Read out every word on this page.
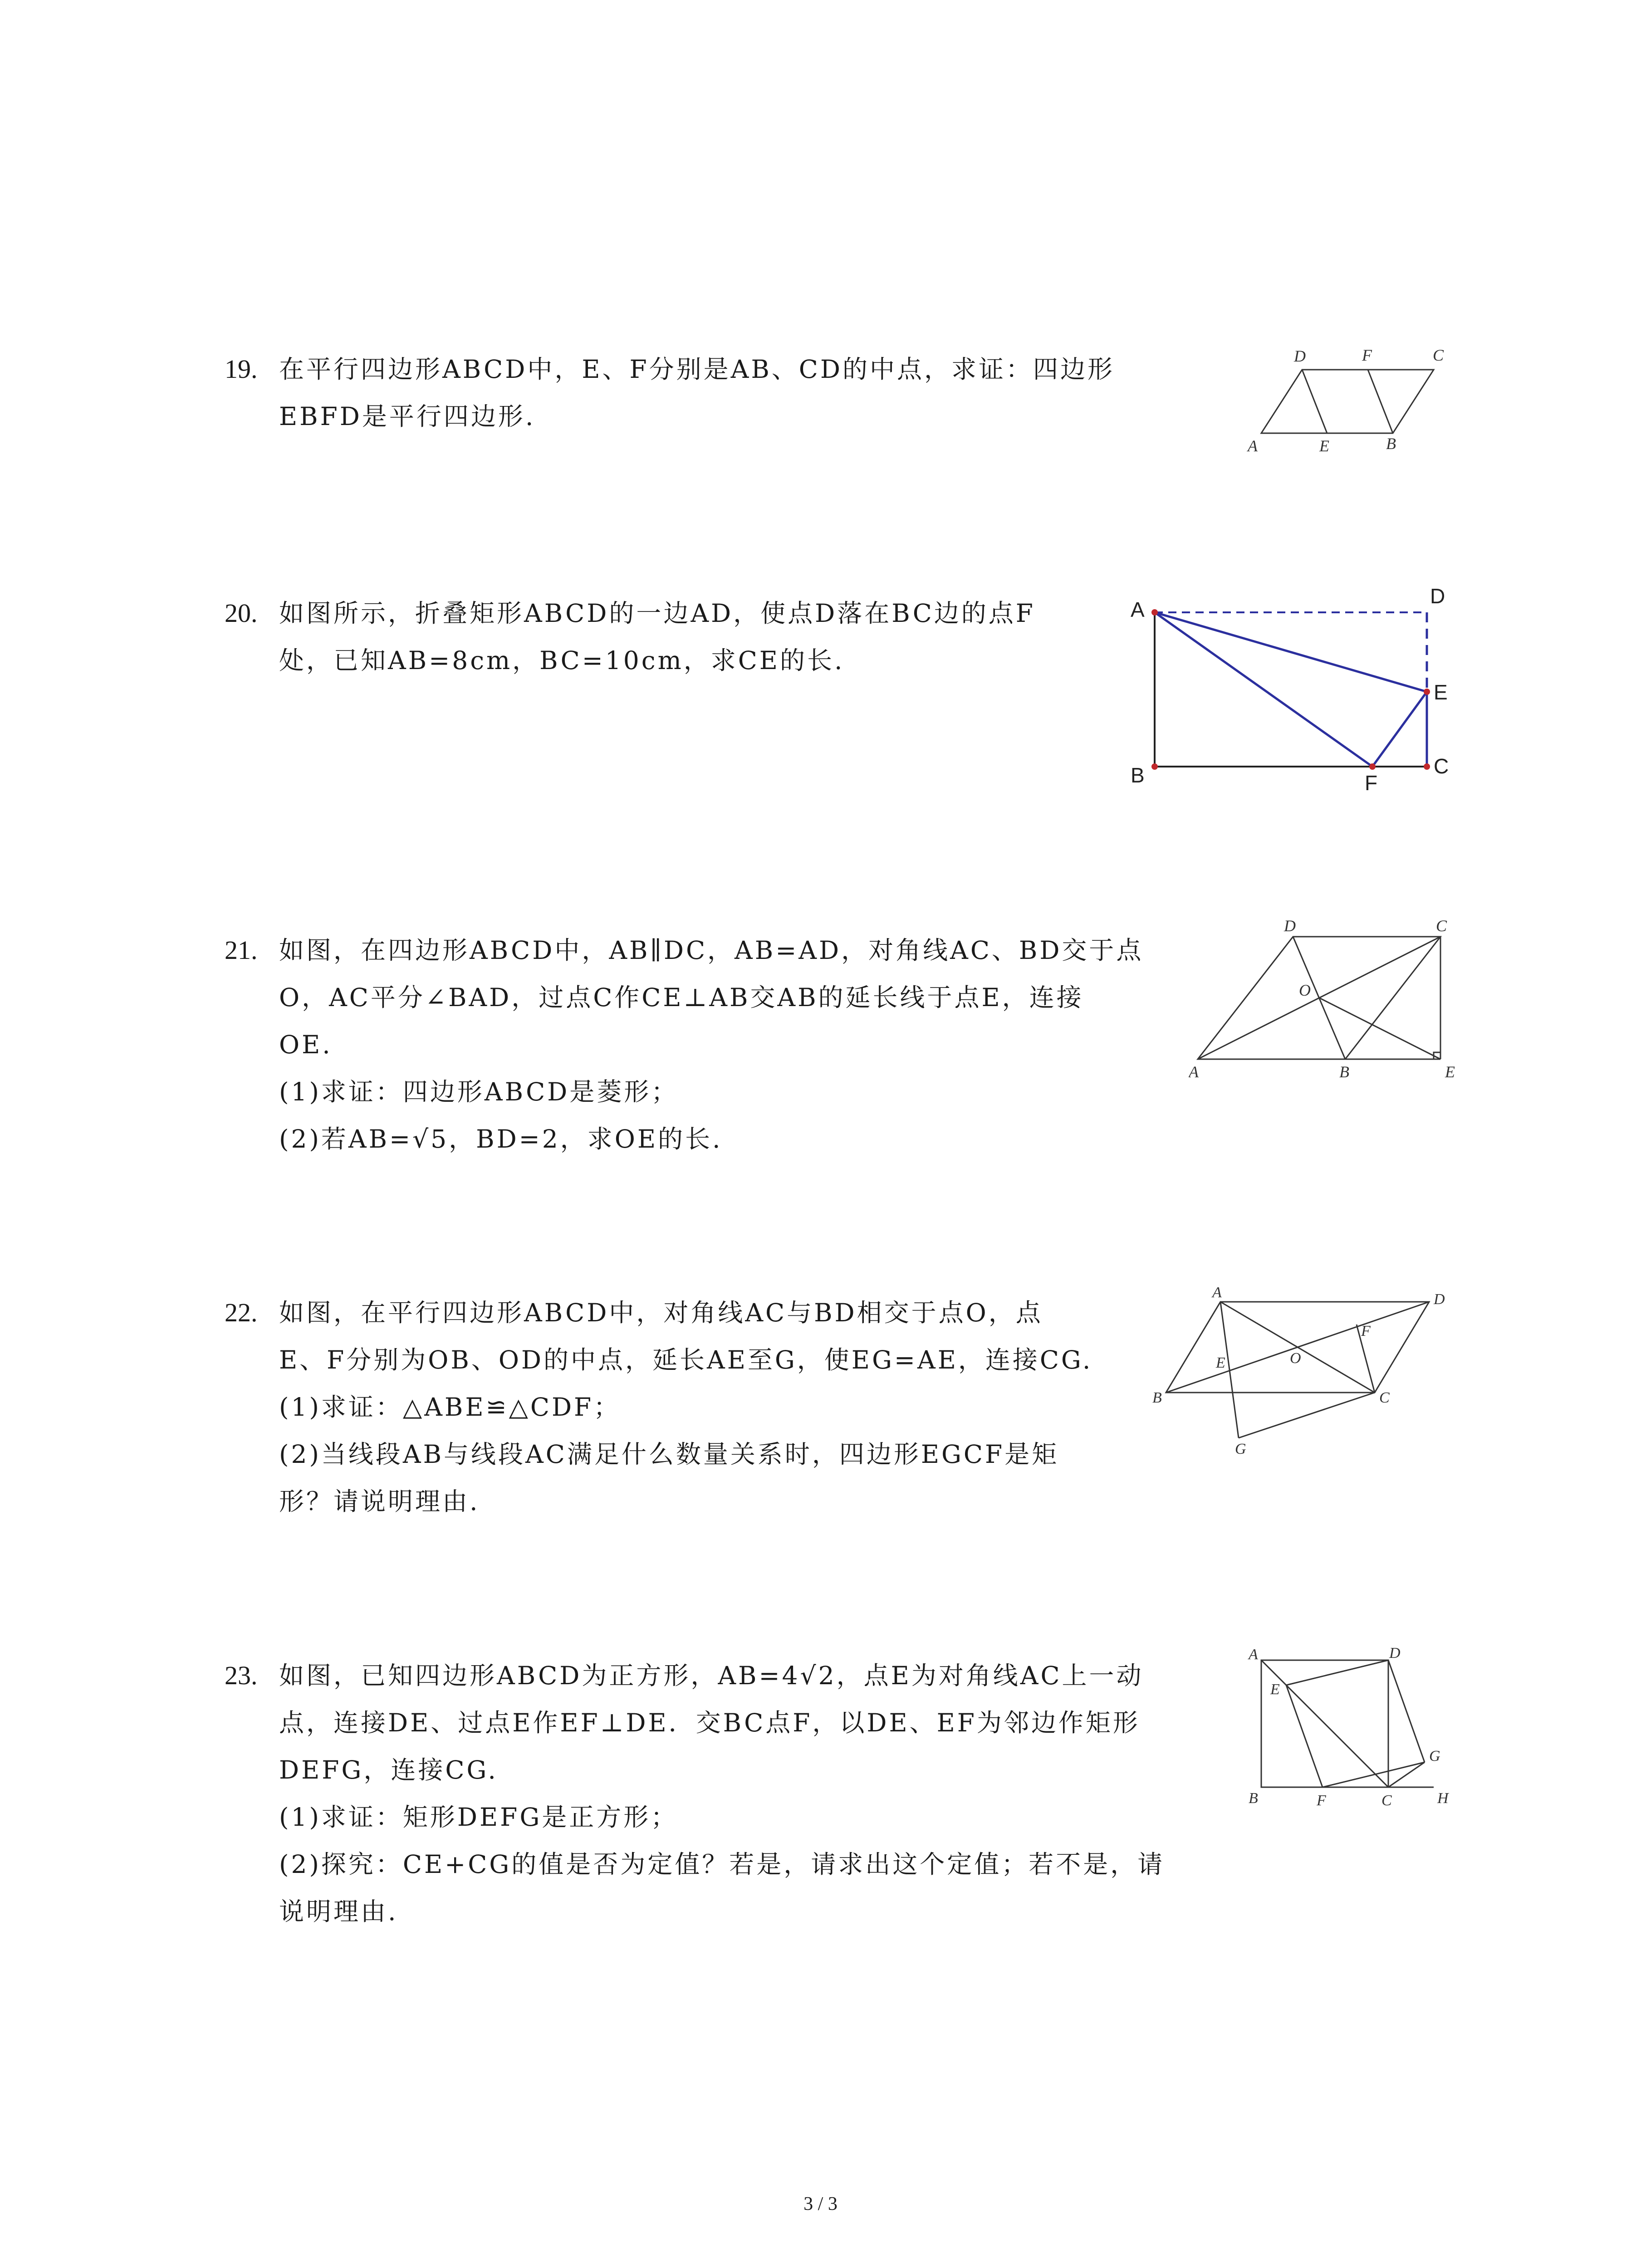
19. 在平行四边形ABCD中，E、F分别是AB、CD的中点，求证：四边形
EBFD是平行四边形.
A	E	B
D	F	C
20. 如图所示，折叠矩形ABCD的一边AD，使点D落在BC边的点F
处，已知AB=8cm，BC=10cm，求CE的长.
A
D
E
B	F
C
21. 如图，在四边形ABCD中，AB∥DC，AB=AD，对角线AC、BD交于点
O，AC平分∠BAD，过点C作CE⊥AB交AB的延长线于点E，连接
OE.
(1)求证：四边形ABCD是菱形；
(2)若AB=√5，BD=2，求OE的长.
A	B	E
D	C
O
22. 如图，在平行四边形ABCD中，对角线AC与BD相交于点O，点
E、F分别为OB、OD的中点，延长AE至G，使EG=AE，连接CG.
(1)求证：△ABE≌△CDF；
(2)当线段AB与线段AC满足什么数量关系时，四边形EGCF是矩
形？请说明理由.
A	D
B	C
E
F
O
G
23. 如图，已知四边形ABCD为正方形，AB=4√2，点E为对角线AC上一动
点，连接DE、过点E作EF⊥DE．交BC点F，以DE、EF为邻边作矩形
DEFG，连接CG.
(1)求证：矩形DEFG是正方形；
(2)探究：CE+CG的值是否为定值？若是，请求出这个定值；若不是，请
说明理由.
A	D
E
G
B	F	C	H
3 / 3
